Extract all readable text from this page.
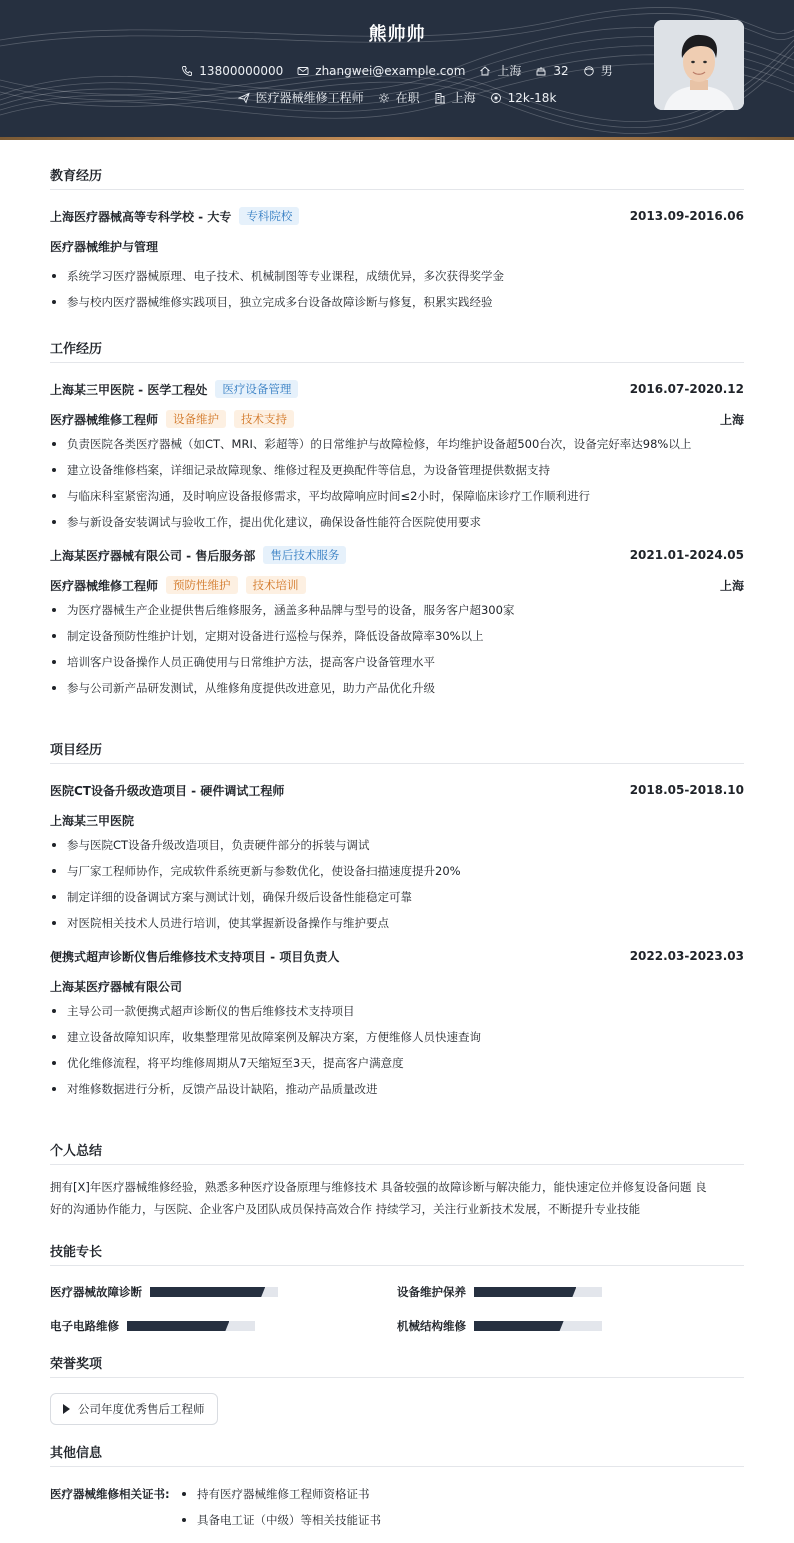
熊帅帅
13800000000	zhangwei@example.com	上海	32	男
医疗器械维修工程师	在职	上海	12k-18k
教育经历
上海医疗器械高等专科学校 - 大专	专科院校	2013.09-2016.06
医疗器械维护与管理
系统学习医疗器械原理、电子技术、机械制图等专业课程，成绩优异，多次获得奖学金
参与校内医疗器械维修实践项目，独立完成多台设备故障诊断与修复，积累实践经验
工作经历
上海某三甲医院 - 医学工程处	医疗设备管理	2016.07-2020.12
医疗器械维修工程师	设备维护	技术支持	上海
负责医院各类医疗器械（如CT、MRI、彩超等）的日常维护与故障检修，年均维护设备超500台次，设备完好率达98%以上
建立设备维修档案，详细记录故障现象、维修过程及更换配件等信息，为设备管理提供数据支持
与临床科室紧密沟通，及时响应设备报修需求，平均故障响应时间≤2小时，保障临床诊疗工作顺利进行
参与新设备安装调试与验收工作，提出优化建议，确保设备性能符合医院使用要求
上海某医疗器械有限公司 - 售后服务部	售后技术服务	2021.01-2024.05
医疗器械维修工程师	预防性维护	技术培训	上海
为医疗器械生产企业提供售后维修服务，涵盖多种品牌与型号的设备，服务客户超300家
制定设备预防性维护计划，定期对设备进行巡检与保养，降低设备故障率30%以上
培训客户设备操作人员正确使用与日常维护方法，提高客户设备管理水平
参与公司新产品研发测试，从维修角度提供改进意见，助力产品优化升级
项目经历
医院CT设备升级改造项目 - 硬件调试工程师	2018.05-2018.10
上海某三甲医院
参与医院CT设备升级改造项目，负责硬件部分的拆装与调试
与厂家工程师协作，完成软件系统更新与参数优化，使设备扫描速度提升20%
制定详细的设备调试方案与测试计划，确保升级后设备性能稳定可靠
对医院相关技术人员进行培训，使其掌握新设备操作与维护要点
便携式超声诊断仪售后维修技术支持项目 - 项目负责人	2022.03-2023.03
上海某医疗器械有限公司
主导公司一款便携式超声诊断仪的售后维修技术支持项目
建立设备故障知识库，收集整理常见故障案例及解决方案，方便维修人员快速查询
优化维修流程，将平均维修周期从7天缩短至3天，提高客户满意度
对维修数据进行分析，反馈产品设计缺陷，推动产品质量改进
个人总结
拥有[X]年医疗器械维修经验，熟悉多种医疗设备原理与维修技术 具备较强的故障诊断与解决能力，能快速定位并修复设备问题 良
好的沟通协作能力，与医院、企业客户及团队成员保持高效合作 持续学习，关注行业新技术发展，不断提升专业技能
技能专长
医疗器械故障诊断	设备维护保养
电子电路维修	机械结构维修
荣誉奖项
公司年度优秀售后工程师
其他信息
医疗器械维修相关证书:	持有医疗器械维修工程师资格证书
具备电工证（中级）等相关技能证书
